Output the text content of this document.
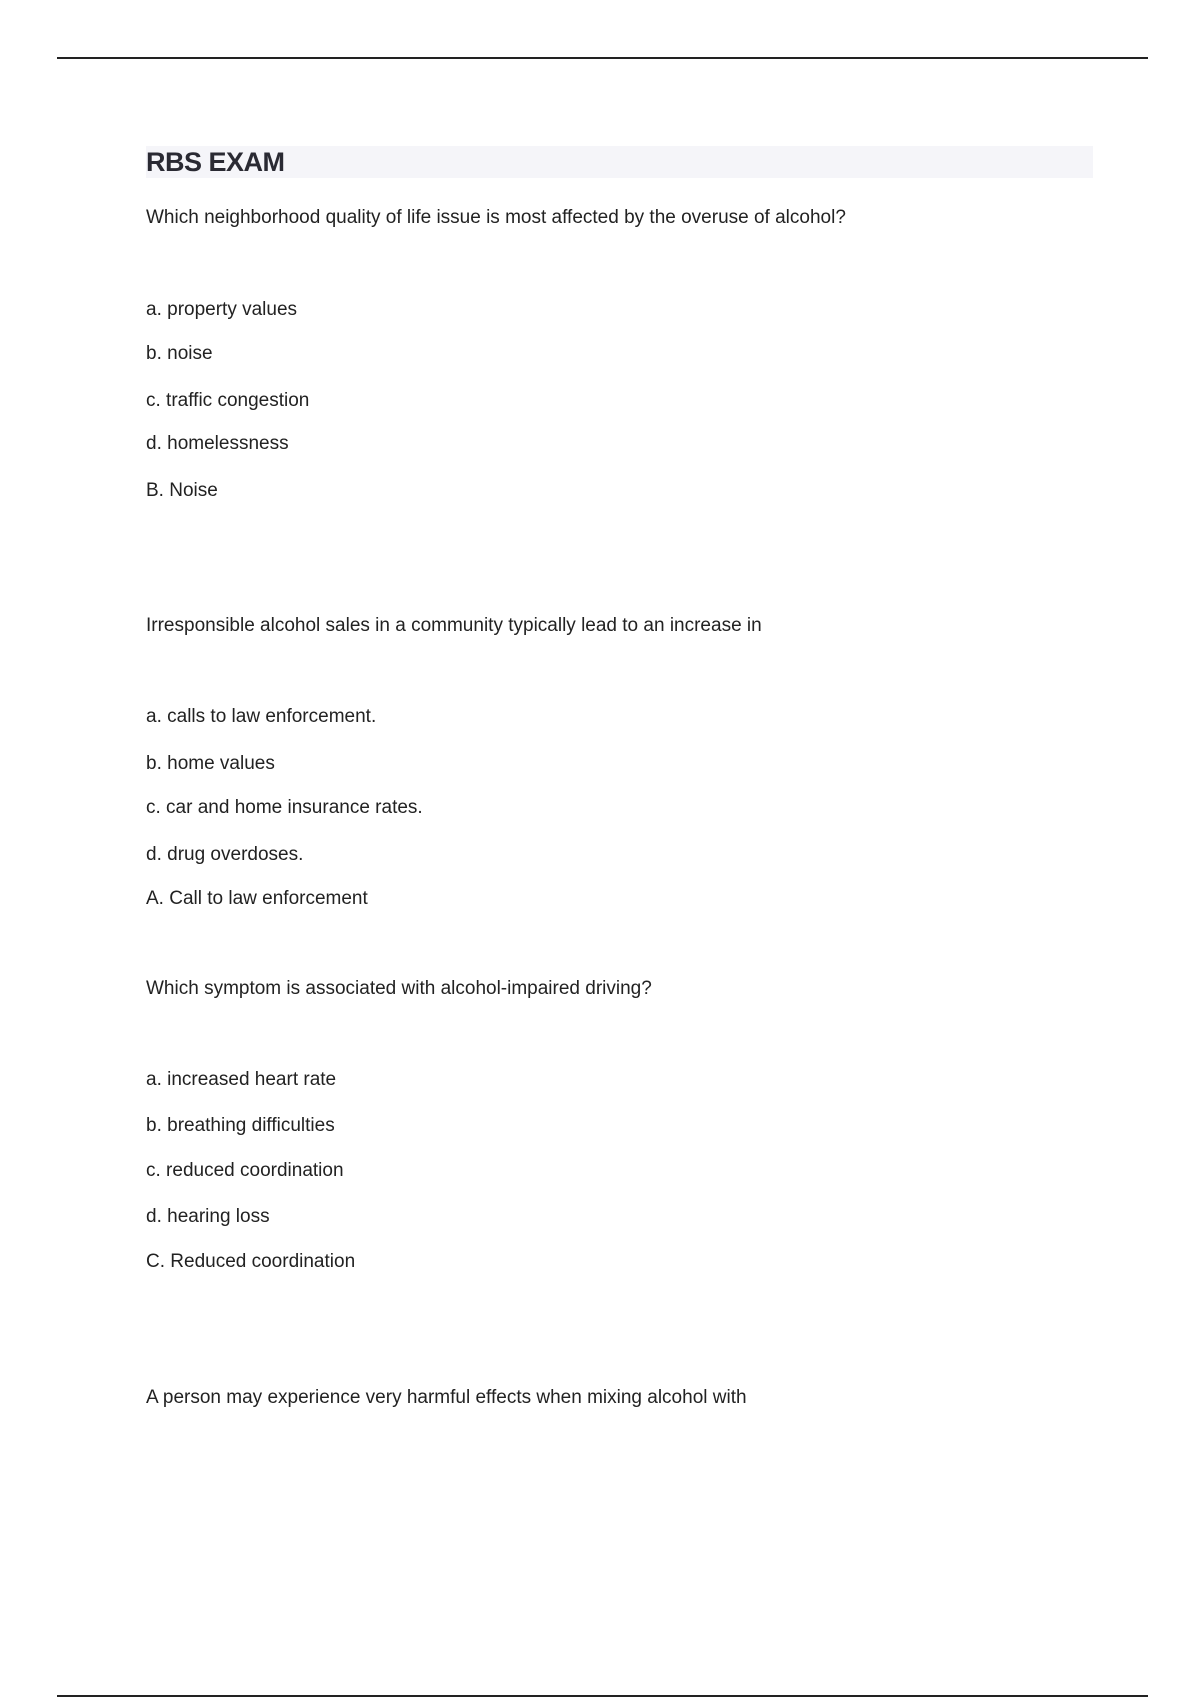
RBS EXAM
Which neighborhood quality of life issue is most affected by the overuse of alcohol?
a. property values
b. noise
c. traffic congestion
d. homelessness
B. Noise
Irresponsible alcohol sales in a community typically lead to an increase in
a. calls to law enforcement.
b. home values
c. car and home insurance rates.
d. drug overdoses.
A. Call to law enforcement
Which symptom is associated with alcohol-impaired driving?
a. increased heart rate
b. breathing difficulties
c. reduced coordination
d. hearing loss
C. Reduced coordination
A person may experience very harmful effects when mixing alcohol with
